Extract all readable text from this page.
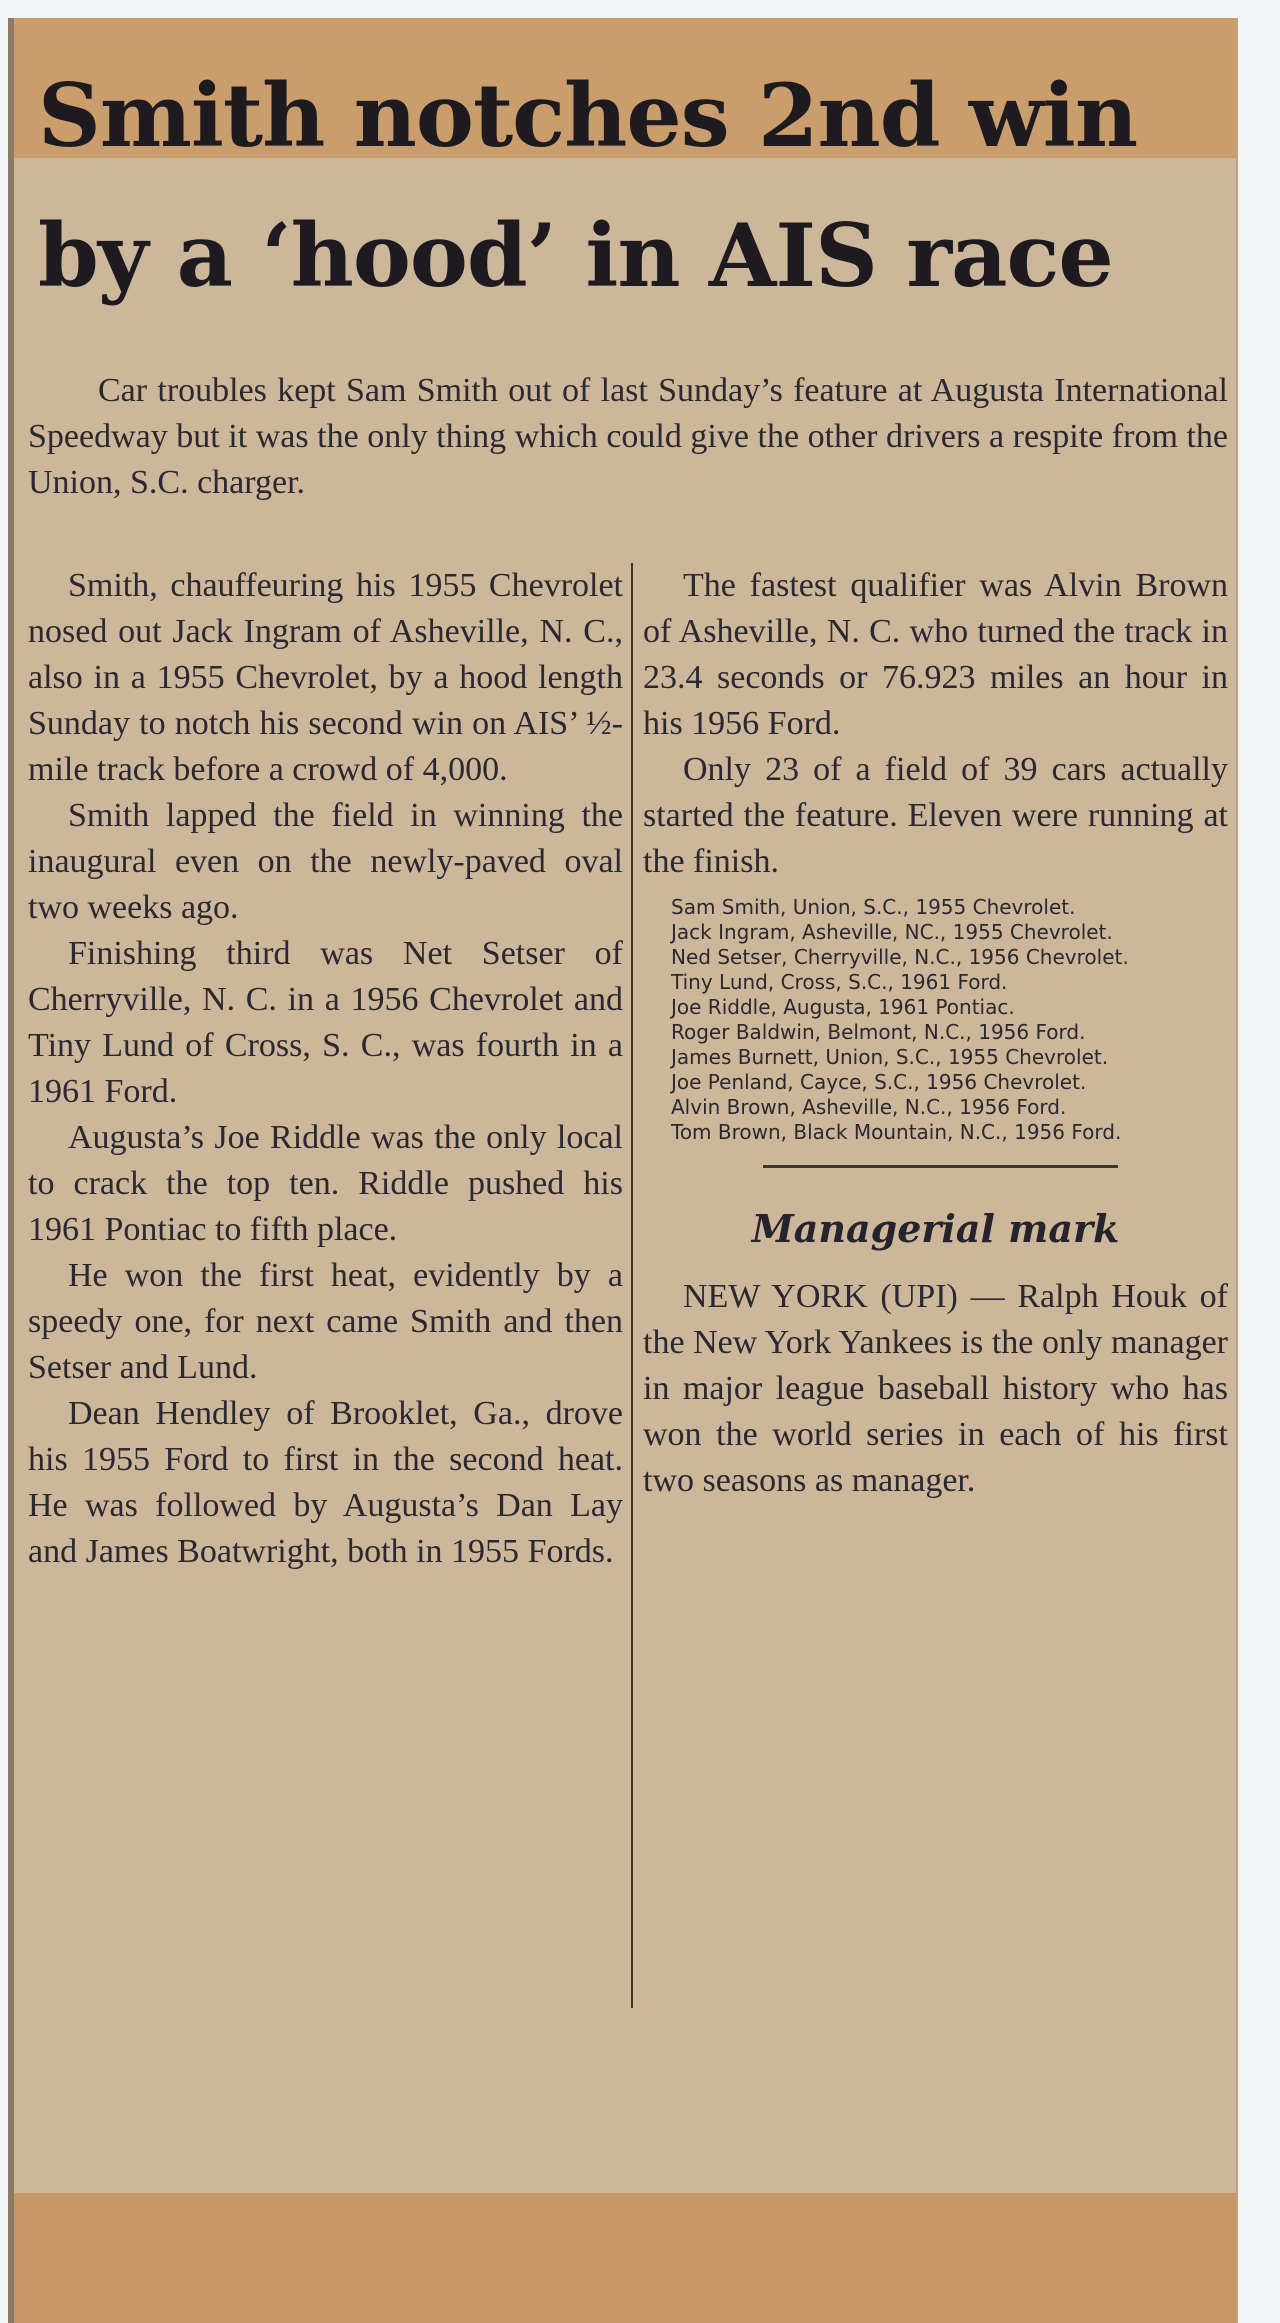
Smith notches 2nd win
by a ‘hood’ in AIS race

Car troubles kept Sam Smith out of last Sunday’s feature at Augusta International Speedway but it was the only thing which could give the other drivers a respite from the Union, S.C. charger.

Smith, chauffeuring his 1955 Chevrolet nosed out Jack Ingram of Asheville, N. C., also in a 1955 Chevrolet, by a hood length Sunday to notch his second win on AIS’ ½-mile track before a crowd of 4,000.

Smith lapped the field in winning the inaugural even on the newly-paved oval two weeks ago.

Finishing third was Net Setser of Cherryville, N. C. in a 1956 Chevrolet and Tiny Lund of Cross, S. C., was fourth in a 1961 Ford.

Augusta’s Joe Riddle was the only local to crack the top ten. Riddle pushed his 1961 Pontiac to fifth place.

He won the first heat, evidently by a speedy one, for next came Smith and then Setser and Lund.

Dean Hendley of Brooklet, Ga., drove his 1955 Ford to first in the second heat. He was followed by Augusta’s Dan Lay and James Boatwright, both in 1955 Fords.

The fastest qualifier was Alvin Brown of Asheville, N. C. who turned the track in 23.4 seconds or 76.923 miles an hour in his 1956 Ford.

Only 23 of a field of 39 cars actually started the feature. Eleven were running at the finish.

Sam Smith, Union, S.C., 1955 Chevrolet.
Jack Ingram, Asheville, NC., 1955 Chevrolet.
Ned Setser, Cherryville, N.C., 1956 Chevrolet.
Tiny Lund, Cross, S.C., 1961 Ford.
Joe Riddle, Augusta, 1961 Pontiac.
Roger Baldwin, Belmont, N.C., 1956 Ford.
James Burnett, Union, S.C., 1955 Chevrolet.
Joe Penland, Cayce, S.C., 1956 Chevrolet.
Alvin Brown, Asheville, N.C., 1956 Ford.
Tom Brown, Black Mountain, N.C., 1956 Ford.
Managerial mark

NEW YORK (UPI) — Ralph Houk of the New York Yankees is the only manager in major league baseball history who has won the world series in each of his first two seasons as manager.
